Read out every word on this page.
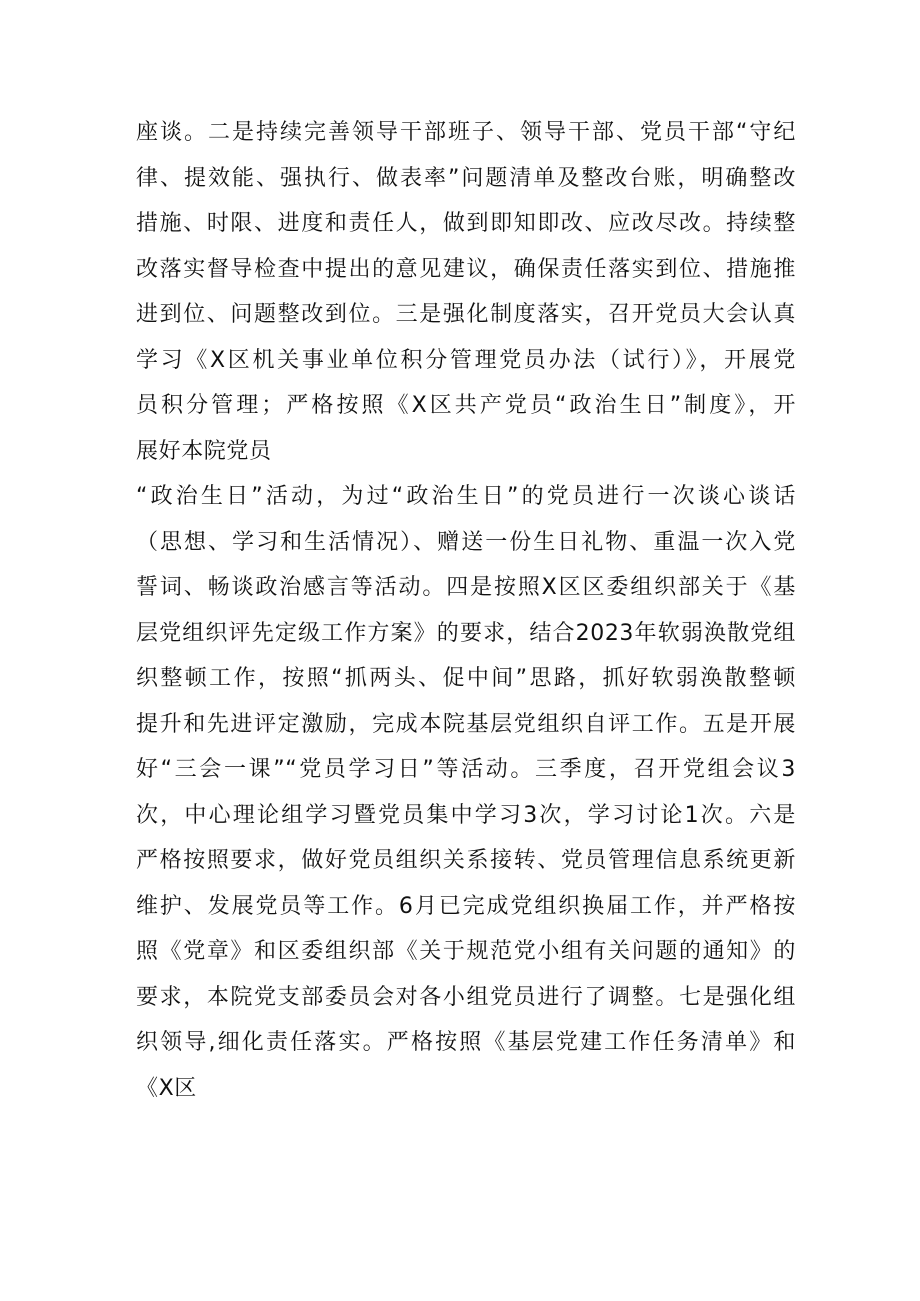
座谈。二是持续完善领导干部班子、领导干部、党员干部“守纪
律、提效能、强执行、做表率”问题清单及整改台账，明确整改
措施、时限、进度和责任人，做到即知即改、应改尽改。持续整
改落实督导检查中提出的意见建议，确保责任落实到位、措施推
进到位、问题整改到位。三是强化制度落实，召开党员大会认真
学习《X区机关事业单位积分管理党员办法（试行）》，开展党
员积分管理；严格按照《X区共产党员“政治生日”制度》，开
展好本院党员
“政治生日”活动，为过“政治生日”的党员进行一次谈心谈话
（思想、学习和生活情况）、赠送一份生日礼物、重温一次入党
誓词、畅谈政治感言等活动。四是按照X区区委组织部关于《基
层党组织评先定级工作方案》的要求，结合2023年软弱涣散党组
织整顿工作，按照“抓两头、促中间”思路，抓好软弱涣散整顿
提升和先进评定激励，完成本院基层党组织自评工作。五是开展
好“三会一课”“党员学习日”等活动。三季度，召开党组会议3
次，中心理论组学习暨党员集中学习3次，学习讨论1次。六是
严格按照要求，做好党员组织关系接转、党员管理信息系统更新
维护、发展党员等工作。6月已完成党组织换届工作，并严格按
照《党章》和区委组织部《关于规范党小组有关问题的通知》的
要求，本院党支部委员会对各小组党员进行了调整。七是强化组
织领导,细化责任落实。严格按照《基层党建工作任务清单》和
《X区
